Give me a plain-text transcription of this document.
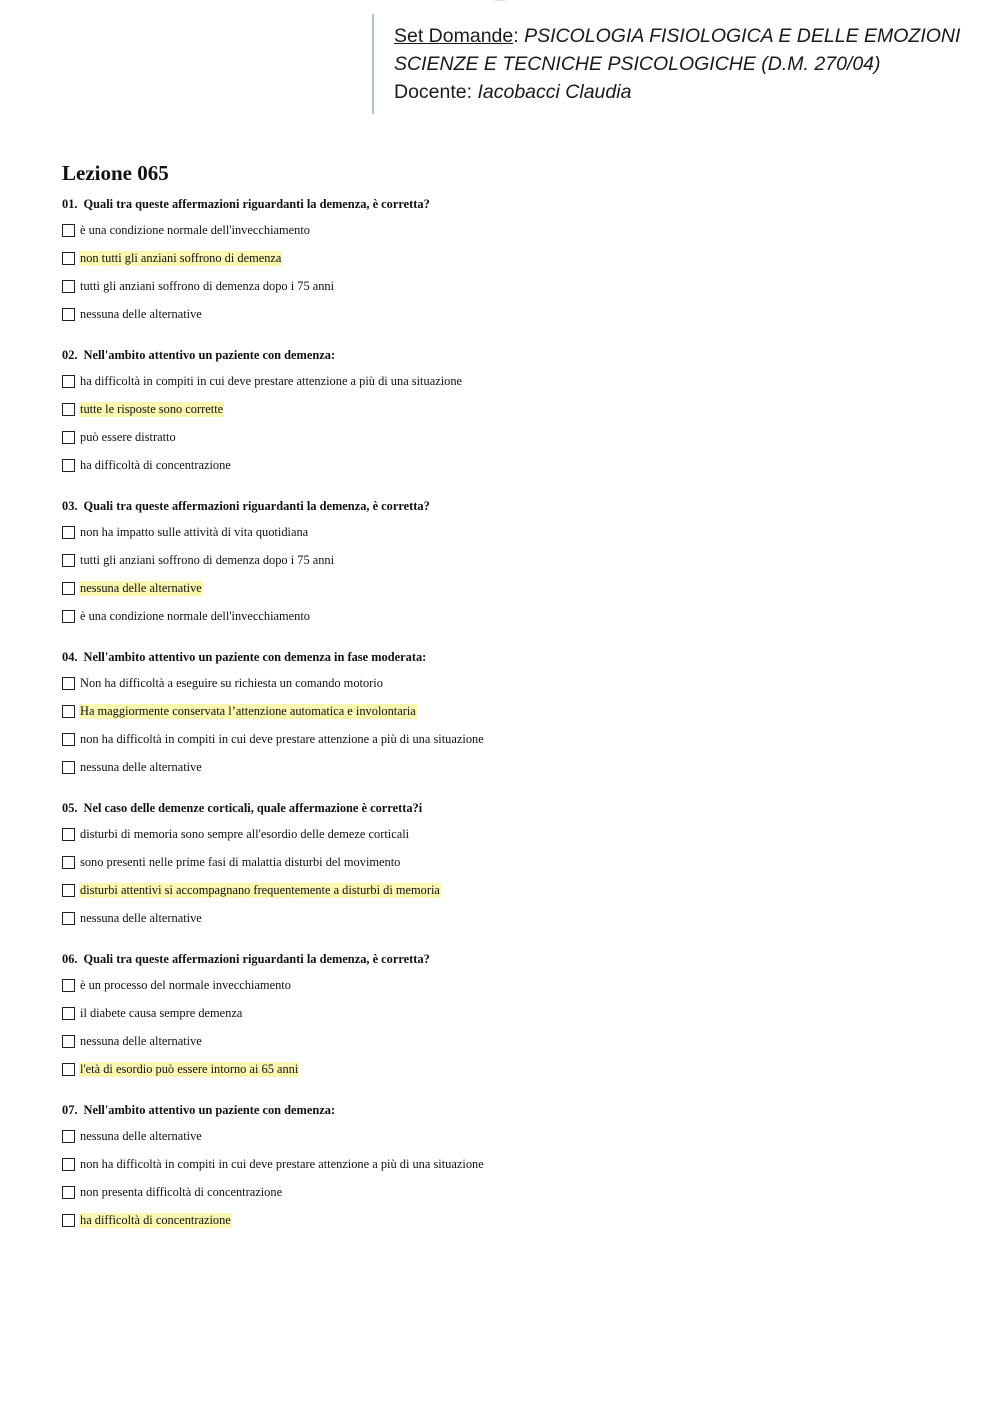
Set Domande
Set Domande: PSICOLOGIA FISIOLOGICA E DELLE EMOZIONI
SCIENZE E TECNICHE PSICOLOGICHE (D.M. 270/04)
Docente: Iacobacci Claudia
Lezione 065
01. Quali tra queste affermazioni riguardanti la demenza, è corretta?
è una condizione normale dell'invecchiamento
non tutti gli anziani soffrono di demenza
tutti gli anziani soffrono di demenza dopo i 75 anni
nessuna delle alternative
02. Nell'ambito attentivo un paziente con demenza:
ha difficoltà in compiti in cui deve prestare attenzione a più di una situazione
tutte le risposte sono corrette
può essere distratto
ha difficoltà di concentrazione
03. Quali tra queste affermazioni riguardanti la demenza, è corretta?
non ha impatto sulle attività di vita quotidiana
tutti gli anziani soffrono di demenza dopo i 75 anni
nessuna delle alternative
è una condizione normale dell'invecchiamento
04. Nell'ambito attentivo un paziente con demenza in fase moderata:
Non ha difficoltà a eseguire su richiesta un comando motorio
Ha maggiormente conservata l’attenzione automatica e involontaria
non ha difficoltà in compiti in cui deve prestare attenzione a più di una situazione
nessuna delle alternative
05. Nel caso delle demenze corticali, quale affermazione è corretta?i
disturbi di memoria sono sempre all'esordio delle demeze corticali
sono presenti nelle prime fasi di malattia disturbi del movimento
disturbi attentivi si accompagnano frequentemente a disturbi di memoria
nessuna delle alternative
06. Quali tra queste affermazioni riguardanti la demenza, è corretta?
è un processo del normale invecchiamento
il diabete causa sempre demenza
nessuna delle alternative
l'età di esordio può essere intorno ai 65 anni
07. Nell'ambito attentivo un paziente con demenza:
nessuna delle alternative
non ha difficoltà in compiti in cui deve prestare attenzione a più di una situazione
non presenta difficoltà di concentrazione
ha difficoltà di concentrazione
